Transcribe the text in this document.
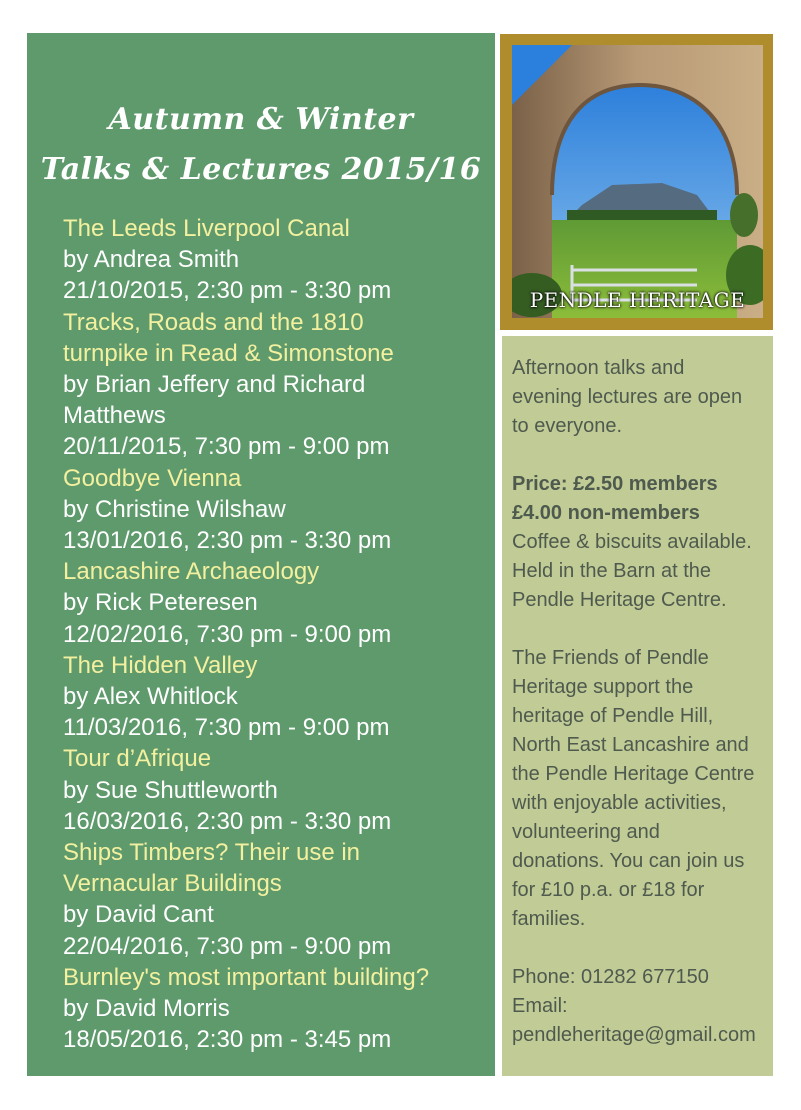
Autumn & Winter
Talks & Lectures 2015/16
The Leeds Liverpool Canal
by Andrea Smith
21/10/2015, 2:30 pm - 3:30 pm
Tracks, Roads and the 1810
turnpike in Read & Simonstone
by Brian Jeffery and Richard
Matthews
20/11/2015, 7:30 pm - 9:00 pm
Goodbye Vienna
by Christine Wilshaw
13/01/2016, 2:30 pm - 3:30 pm
Lancashire Archaeology
by Rick Peteresen
12/02/2016, 7:30 pm - 9:00 pm
The Hidden Valley
by Alex Whitlock
11/03/2016, 7:30 pm - 9:00 pm
Tour d’Afrique
by Sue Shuttleworth
16/03/2016, 2:30 pm - 3:30 pm
Ships Timbers? Their use in
Vernacular Buildings
by David Cant
22/04/2016, 7:30 pm - 9:00 pm
Burnley's most important building?
by David Morris
18/05/2016, 2:30 pm - 3:45 pm
PENDLE HERITAGE

Afternoon talks and
evening lectures are open
to everyone.

Price: £2.50 members
£4.00 non-members
Coffee & biscuits available.
Held in the Barn at the
Pendle Heritage Centre.

The Friends of Pendle
Heritage support the
heritage of Pendle Hill,
North East Lancashire and
the Pendle Heritage Centre
with enjoyable activities,
volunteering and
donations. You can join us
for £10 p.a. or £18 for
families.

Phone: 01282 677150
Email:
pendleheritage@gmail.com
